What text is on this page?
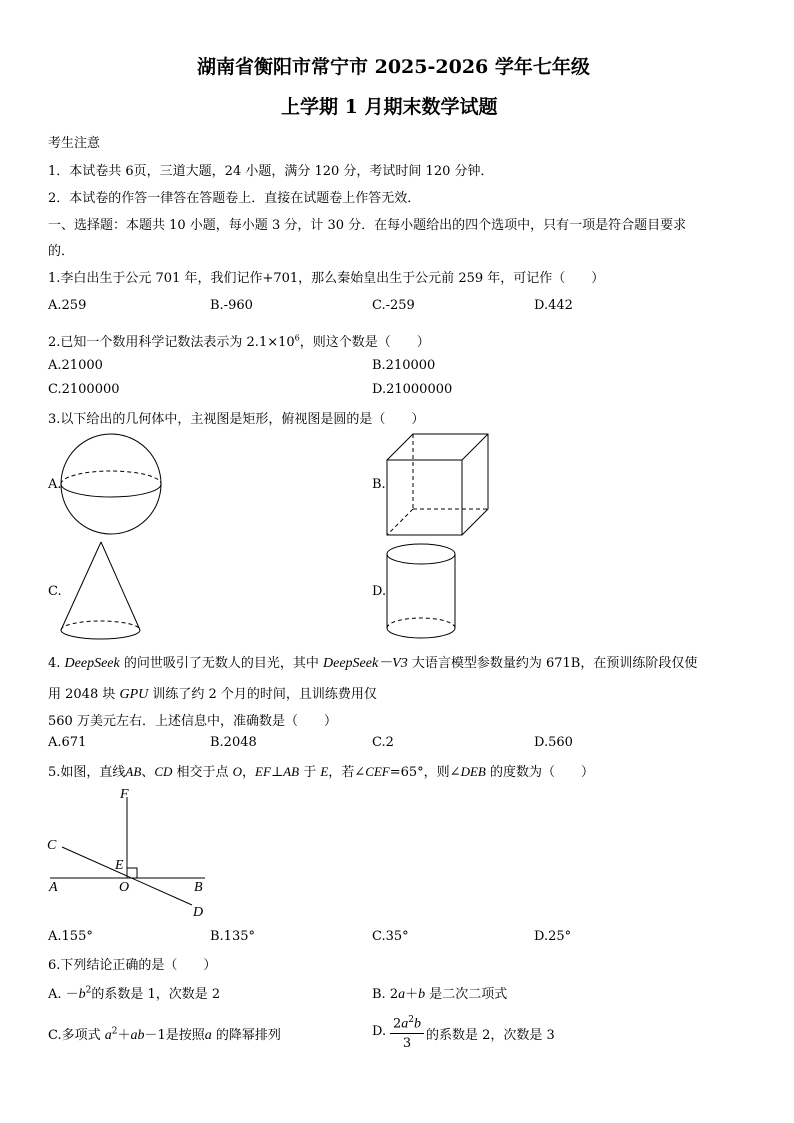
湖南省衡阳市常宁市 2025-2026 学年七年级
上学期 1 月期末数学试题
考生注意
1．本试卷共 6页，三道大题，24 小题，满分 120 分，考试时间 120 分钟．
2．本试卷的作答一律答在答题卷上．直接在试题卷上作答无效．
一、选择题：本题共 10 小题，每小题 3 分，计 30 分．在每小题给出的四个选项中，只有一项是符合题目要求
的．
1.李白出生于公元 701 年，我们记作+701，那么秦始皇出生于公元前 259 年，可记作（　　）
A.259	B.-960	C.-259	D.442
2.已知一个数用科学记数法表示为 $2.1\times 10^6$，则这个数是（　　）
A.21000	B.210000
C.2100000	D.21000000
3.以下给出的几何体中，主视图是矩形，俯视图是圆的是（　　）
A.	B.
C.	D.
4. DeepSeek 的问世吸引了无数人的目光，其中 DeepSeek－V3 大语言模型参数量约为 671B，在预训练阶段仅使
用 2048 块 GPU 训练了约 2 个月的时间，且训练费用仅
560 万美元左右．上述信息中，准确数是（　　）
A.671	B.2048	C.2	D.560
5.如图，直线AB、CD 相交于点 O，EF⊥AB 于 E，若∠CEF=65°，则∠DEB 的度数为（　　）
F
C
E
A	O	B
D
A.155°	B.135°	C.35°	D.25°
6.下列结论正确的是（　　）
A. $-b^2$的系数是 1，次数是 2	B. 2a＋b 是二次二项式
C.多项式 $a^2+ab-1$是按照a 的降幂排列	D. $\frac{2a^2b}{3}$ 的系数是 2，次数是 3
